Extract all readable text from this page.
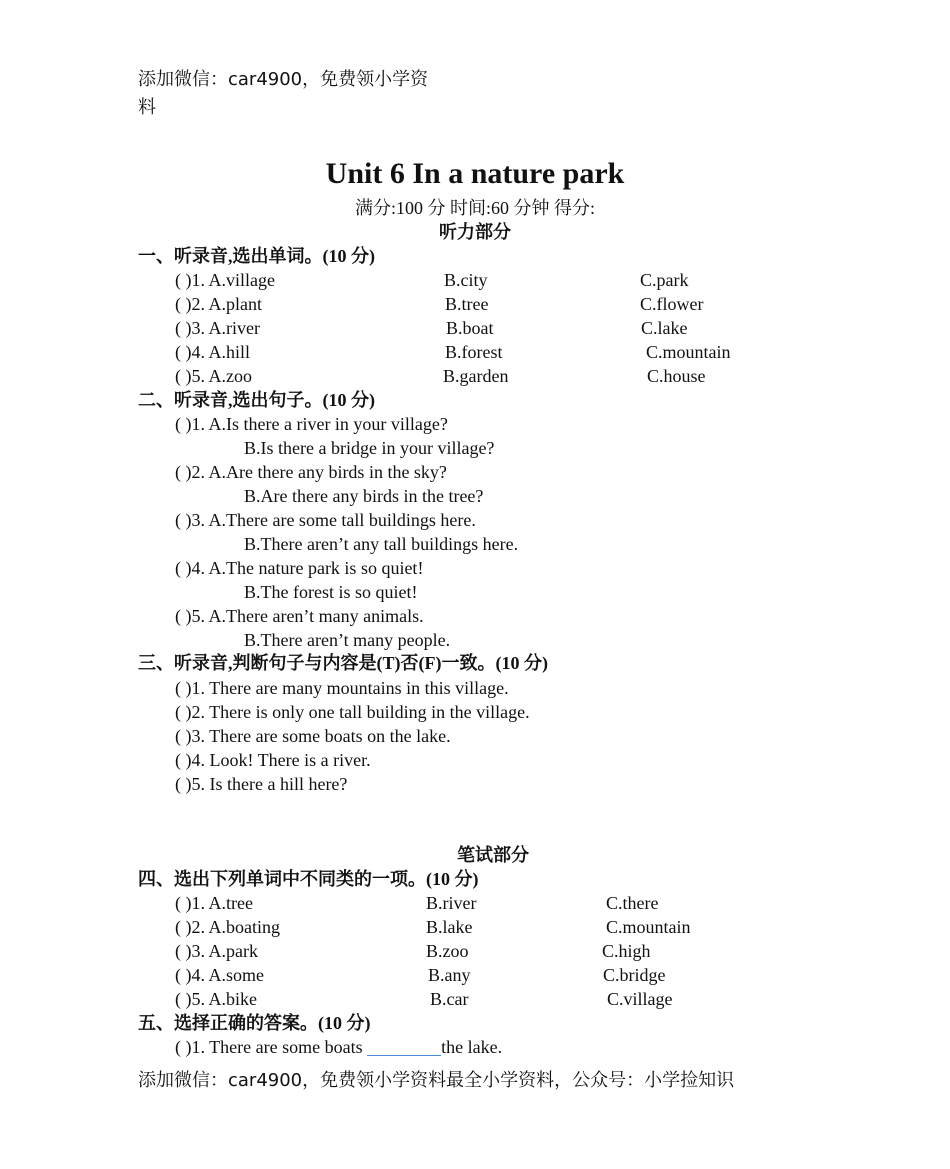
添加微信：car4900，免费领小学资
料
Unit 6 In a nature park
满分:100 分 时间:60 分钟 得分:
听力部分
一、听录音,选出单词。(10 分)
( )1. A.village	B.city	C.park
( )2. A.plant	B.tree	C.flower
( )3. A.river	B.boat	C.lake
( )4. A.hill	B.forest	C.mountain
( )5. A.zoo	B.garden	C.house
二、听录音,选出句子。(10 分)
( )1. A.Is there a river in your village?
B.Is there a bridge in your village?
( )2. A.Are there any birds in the sky?
B.Are there any birds in the tree?
( )3. A.There are some tall buildings here.
B.There aren’t any tall buildings here.
( )4. A.The nature park is so quiet!
B.The forest is so quiet!
( )5. A.There aren’t many animals.
B.There aren’t many people.
三、听录音,判断句子与内容是(T)否(F)一致。(10 分)
( )1. There are many mountains in this village.
( )2. There is only one tall building in the village.
( )3. There are some boats on the lake.
( )4. Look! There is a river.
( )5. Is there a hill here?
笔试部分
四、选出下列单词中不同类的一项。(10 分)
( )1. A.tree	B.river	C.there
( )2. A.boating	B.lake	C.mountain
( )3. A.park	B.zoo	C.high
( )4. A.some	B.any	C.bridge
( )5. A.bike	B.car	C.village
五、选择正确的答案。(10 分)
( )1. There are some boats	the lake.
添加微信：car4900，免费领小学资料最全小学资料，公众号：小学捡知识
